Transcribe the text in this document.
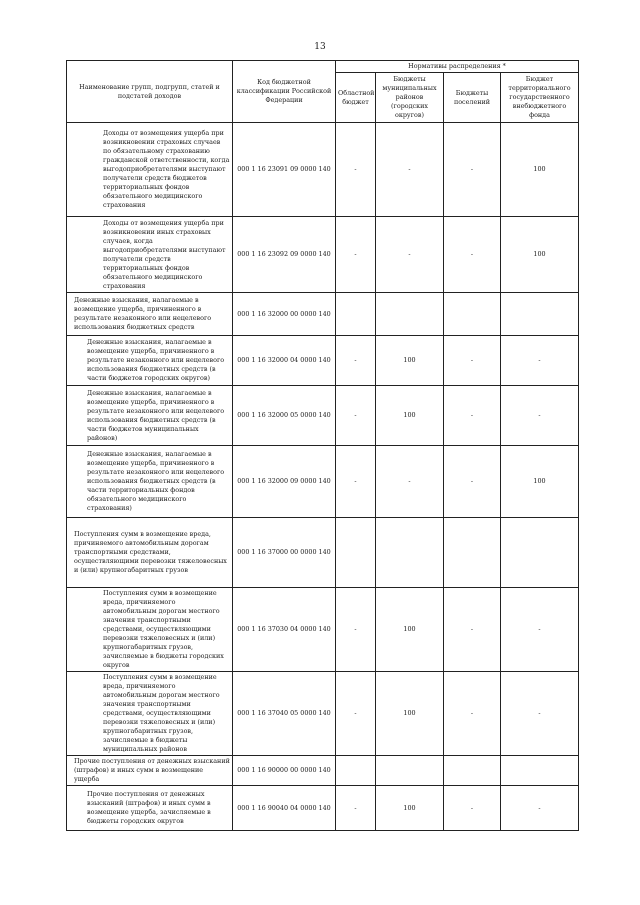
13
Наименование групп, подгрупп, статей и подстатей доходов	Код бюджетной классификации Российской Федерации	Нормативы распределения *			
		Областной бюджет	Бюджеты муниципальных районов (городских округов)	Бюджеты поселений	Бюджет территориального государственного внебюджетного фонда
Доходы от возмещения ущерба при возникновении страховых случаев по обязательному страхованию гражданской ответственности, когда выгодоприобретателями выступают получатели средств бюджетов территориальных фондов обязательного медицинского страхования	000 1 16 23091 09 0000 140	-	-	-	100
Доходы от возмещения ущерба при возникновении иных страховых случаев, когда выгодоприобретателями выступают получатели средств территориальных фондов обязательного медицинского страхования	000 1 16 23092 09 0000 140	-	-	-	100
Денежные взыскания, налагаемые в возмещение ущерба, причиненного в результате незаконного или нецелевого использования бюджетных средств	000 1 16 32000 00 0000 140				
Денежные взыскания, налагаемые в возмещение ущерба, причиненного в результате незаконного или нецелевого использования бюджетных средств (в части бюджетов городских округов)	000 1 16 32000 04 0000 140	-	100	-	-
Денежные взыскания, налагаемые в возмещение ущерба, причиненного в результате незаконного или нецелевого использования бюджетных средств (в части бюджетов муниципальных районов)	000 1 16 32000 05 0000 140	-	100	-	-
Денежные взыскания, налагаемые в возмещение ущерба, причиненного в результате незаконного или нецелевого использования бюджетных средств (в части территориальных фондов обязательного медицинского страхования)	000 1 16 32000 09 0000 140	-	-	-	100
Поступления сумм в возмещение вреда, причиняемого автомобильным дорогам транспортными средствами, осуществляющими перевозки тяжеловесных и (или) крупногабаритных грузов	000 1 16 37000 00 0000 140				
Поступления сумм в возмещение вреда, причиняемого автомобильным дорогам местного значения транспортными средствами, осуществляющими перевозки тяжеловесных и (или) крупногабаритных грузов, зачисляемые в бюджеты городских округов	000 1 16 37030 04 0000 140	-	100	-	-
Поступления сумм в возмещение вреда, причиняемого автомобильным дорогам местного значения транспортными средствами, осуществляющими перевозки тяжеловесных и (или) крупногабаритных грузов, зачисляемые в бюджеты муниципальных районов	000 1 16 37040 05 0000 140	-	100	-	-
Прочие поступления от денежных взысканий (штрафов) и иных сумм в возмещение ущерба	000 1 16 90000 00 0000 140				
Прочие поступления от денежных взысканий (штрафов) и иных сумм в возмещение ущерба, зачисляемые в бюджеты городских округов	000 1 16 90040 04 0000 140	-	100	-	-
